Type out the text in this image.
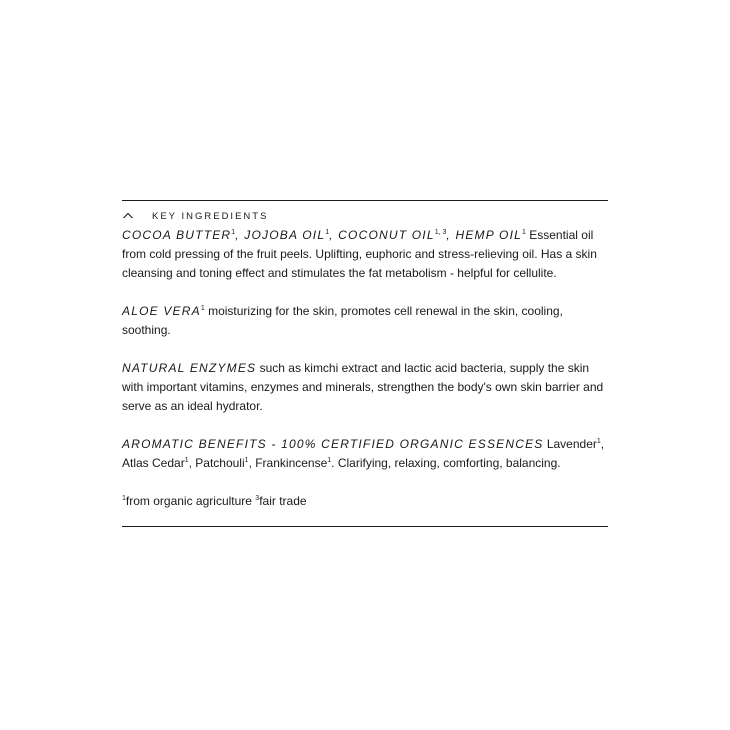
KEY INGREDIENTS

COCOA BUTTER$^1$, JOJOBA OIL$^1$, COCONUT OIL$^{1, 3}$, HEMP OIL$^1$ Essential oil from cold pressing of the fruit peels. Uplifting, euphoric and stress-relieving oil. Has a skin cleansing and toning effect and stimulates the fat metabolism - helpful for cellulite.

ALOE VERA$^1$ moisturizing for the skin, promotes cell renewal in the skin, cooling, soothing.

NATURAL ENZYMES such as kimchi extract and lactic acid bacteria, supply the skin with important vitamins, enzymes and minerals, strengthen the body's own skin barrier and serve as an ideal hydrator.

AROMATIC BENEFITS - 100% CERTIFIED ORGANIC ESSENCES Lavender$^1$, Atlas Cedar$^1$, Patchouli$^1$, Frankincense$^1$. Clarifying, relaxing, comforting, balancing.

$^1$from organic agriculture $^3$fair trade
